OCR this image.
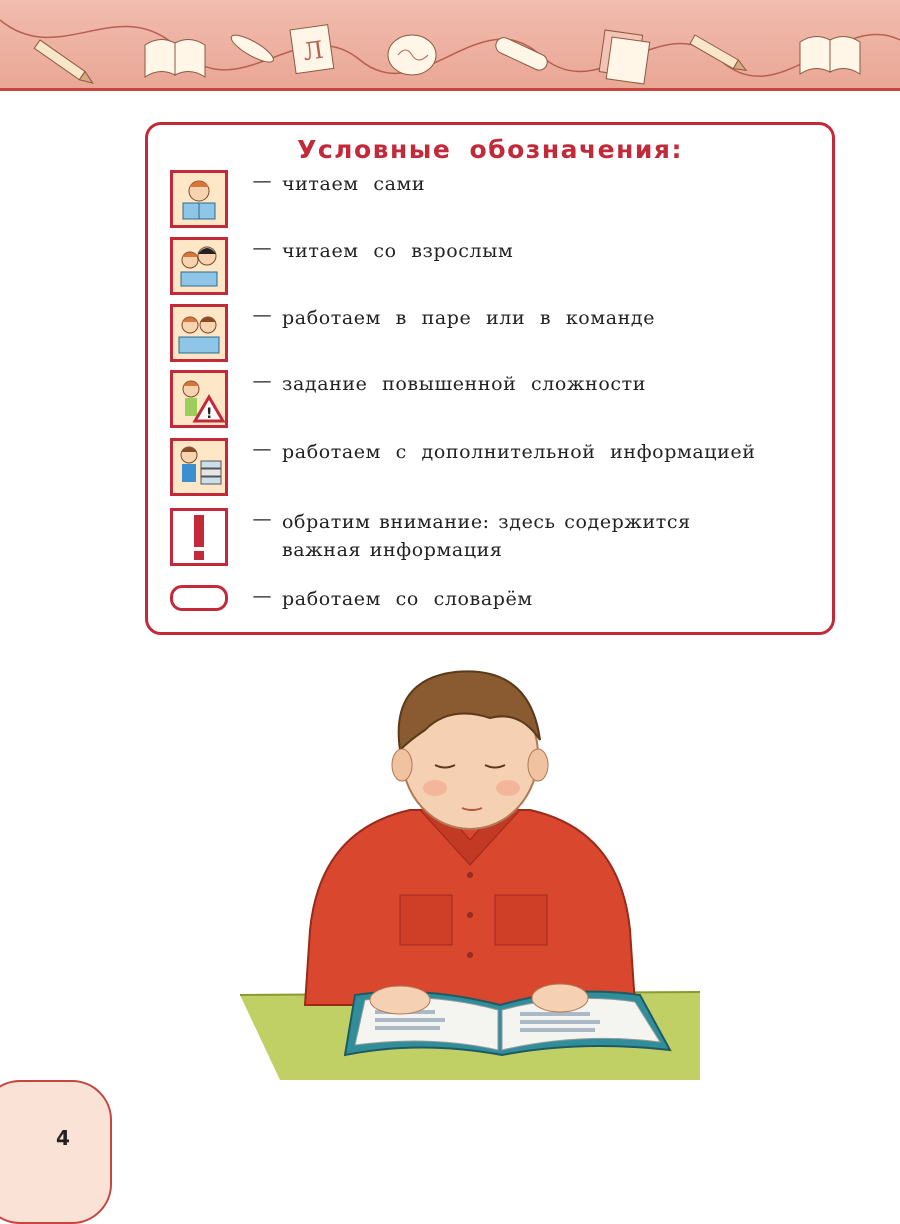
Л
Условные обозначения:
— читаем сами
— читаем со взрослым
— работаем в паре или в команде
!
— задание повышенной сложности
— работаем с дополнительной информацией
— обратим внимание: здесь содержится
важная информация
— работаем со словарём
4
